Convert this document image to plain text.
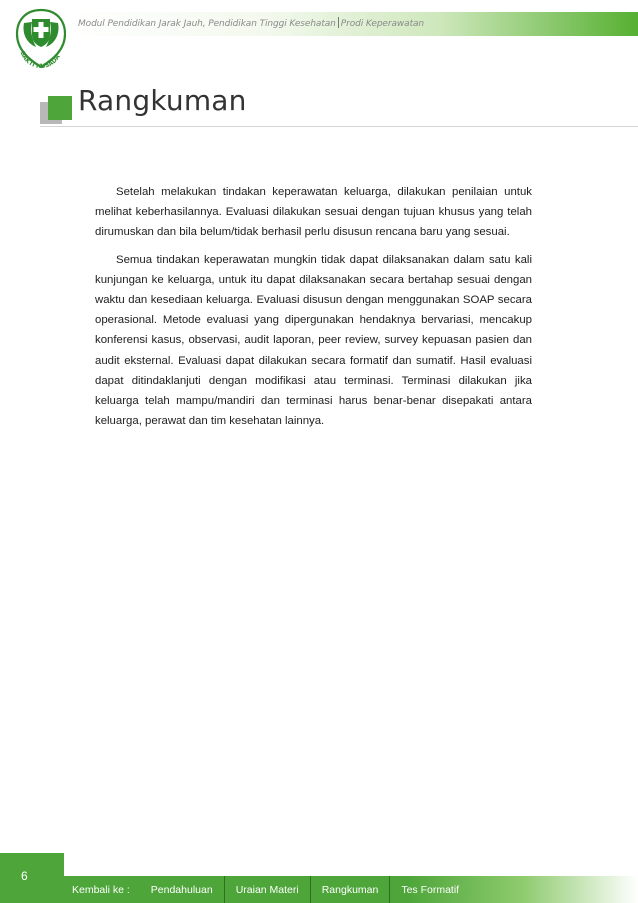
BAKTI HUSADA
Modul Pendidikan Jarak Jauh, Pendidikan Tinggi Kesehatan Prodi Keperawatan
Rangkuman

Setelah melakukan tindakan keperawatan keluarga, dilakukan penilaian untuk melihat keberhasilannya. Evaluasi dilakukan sesuai dengan tujuan khusus yang telah dirumuskan dan bila belum/tidak berhasil perlu disusun rencana baru yang sesuai.

Semua tindakan keperawatan mungkin tidak dapat dilaksanakan dalam satu kali kunjungan ke keluarga, untuk itu dapat dilaksanakan secara bertahap sesuai dengan waktu dan kesediaan keluarga. Evaluasi disusun dengan menggunakan SOAP secara operasional. Metode evaluasi yang dipergunakan hendaknya bervariasi, mencakup konferensi kasus, observasi, audit laporan, peer review, survey kepuasan pasien dan audit eksternal. Evaluasi dapat dilakukan secara formatif dan sumatif. Hasil evaluasi dapat ditindaklanjuti dengan modifikasi atau terminasi. Terminasi dilakukan jika keluarga telah mampu/mandiri dan terminasi harus benar-benar disepakati antara keluarga, perawat dan tim kesehatan lainnya.

6
Kembali ke :	Pendahuluan	Uraian Materi	Rangkuman	Tes Formatif
